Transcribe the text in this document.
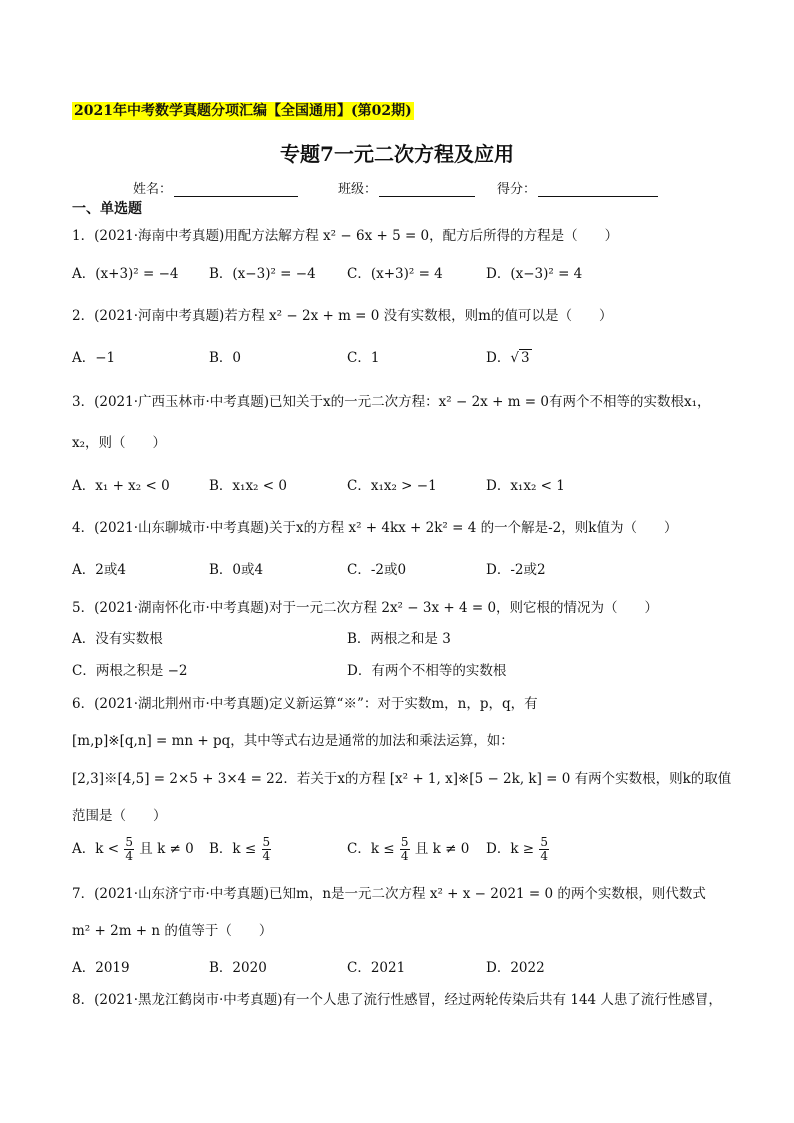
2021年中考数学真题分项汇编【全国通用】(第02期)
专题7一元二次方程及应用
姓名：	班级：	得分：
一、单选题
1．(2021·海南中考真题)用配方法解方程 x² − 6x + 5 = 0，配方后所得的方程是（　　）
A．(x+3)² = −4 B．(x−3)² = −4 C．(x+3)² = 4	D．(x−3)² = 4
2．(2021·河南中考真题)若方程 x² − 2x + m = 0 没有实数根，则m的值可以是（　　）
A．−1	B．0	C．1	D．√ 3
3．(2021·广西玉林市·中考真题)已知关于x的一元二次方程：x² − 2x + m = 0有两个不相等的实数根x₁，
x₂，则（　　）
A．x₁ + x₂ < 0	B．x₁x₂ < 0	C．x₁x₂ > −1	D．x₁x₂ < 1
4．(2021·山东聊城市·中考真题)关于x的方程 x² + 4kx + 2k² = 4 的一个解是-2，则k值为（　　）
A．2或4	B．0或4	C．-2或0	D．-2或2
5．(2021·湖南怀化市·中考真题)对于一元二次方程 2x² − 3x + 4 = 0，则它根的情况为（　　）
A．没有实数根	B．两根之和是 3
C．两根之积是 −2	D．有两个不相等的实数根
6．(2021·湖北荆州市·中考真题)定义新运算“※”：对于实数m，n，p，q，有
[m,p]※[q,n] = mn + pq，其中等式右边是通常的加法和乘法运算，如：
[2,3]※[4,5] = 2×5 + 3×4 = 22．若关于x的方程 [x² + 1, x]※[5 − 2k, k] = 0 有两个实数根，则k的取值
范围是（　　）
A．$k < \frac{5}{4}$ 且 k ≠ 0 B．$k \le \frac{5}{4}$	C．$k \le \frac{5}{4}$ 且 k ≠ 0 D．$k \ge \frac{5}{4}$
7．(2021·山东济宁市·中考真题)已知m，n是一元二次方程 x² + x − 2021 = 0 的两个实数根，则代数式
m² + 2m + n 的值等于（　　）
A．2019	B．2020	C．2021	D．2022
8．(2021·黑龙江鹤岗市·中考真题)有一个人患了流行性感冒，经过两轮传染后共有 144 人患了流行性感冒，
